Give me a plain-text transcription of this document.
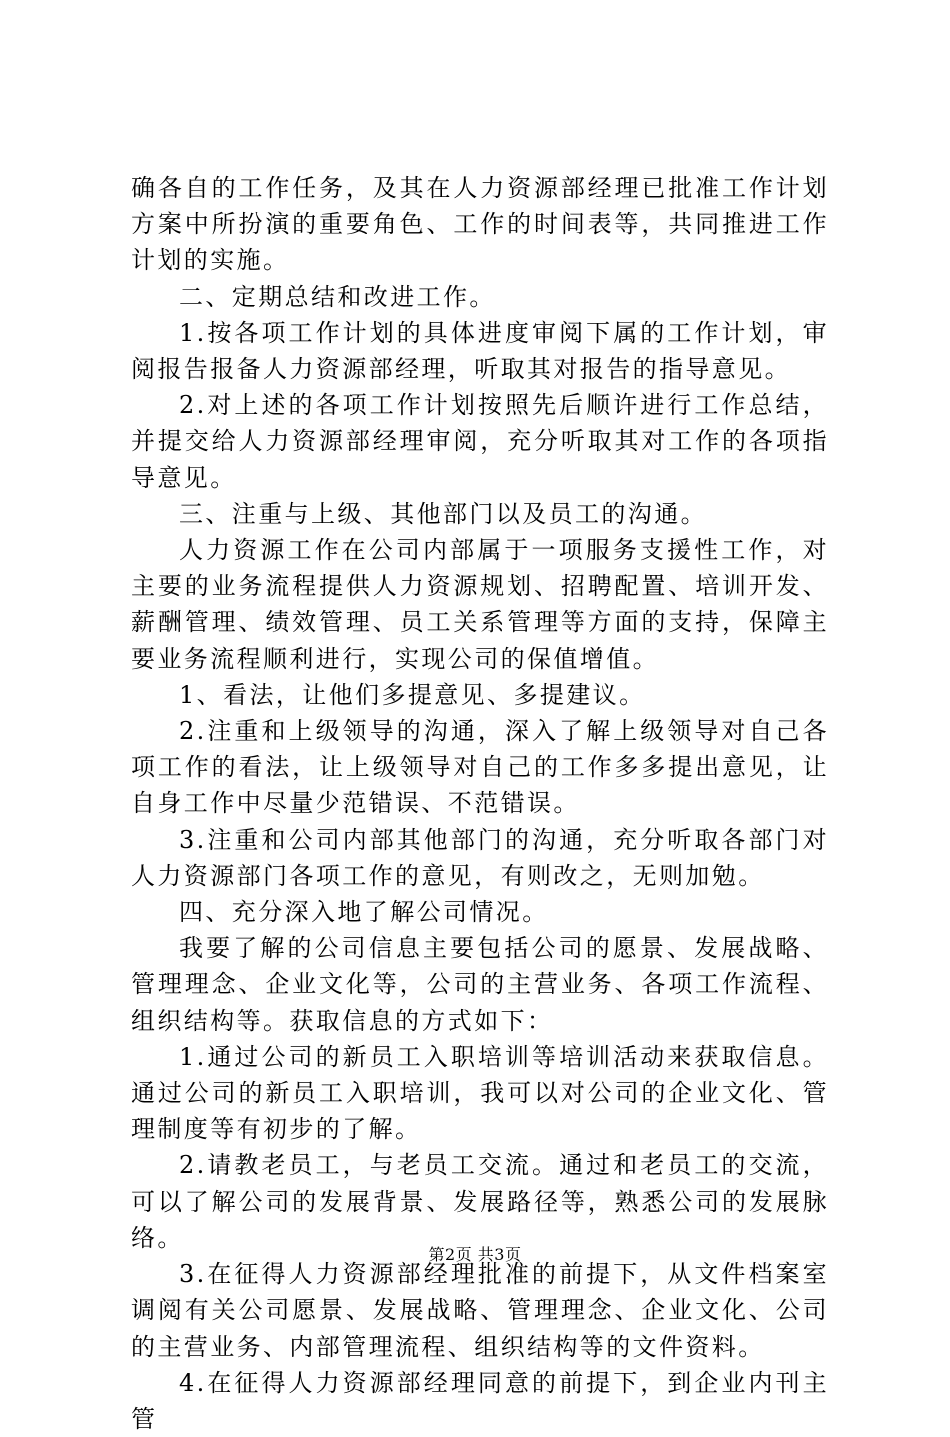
确各自的工作任务，及其在人力资源部经理已批准工作计划方案中所扮演的重要角色、工作的时间表等，共同推进工作计划的实施。

二、定期总结和改进工作。

1.按各项工作计划的具体进度审阅下属的工作计划，审阅报告报备人力资源部经理，听取其对报告的指导意见。

2.对上述的各项工作计划按照先后顺许进行工作总结，并提交给人力资源部经理审阅，充分听取其对工作的各项指导意见。

三、注重与上级、其他部门以及员工的沟通。

人力资源工作在公司内部属于一项服务支援性工作，对主要的业务流程提供人力资源规划、招聘配置、培训开发、薪酬管理、绩效管理、员工关系管理等方面的支持，保障主要业务流程顺利进行，实现公司的保值增值。

1、看法，让他们多提意见、多提建议。

2.注重和上级领导的沟通，深入了解上级领导对自己各项工作的看法，让上级领导对自己的工作多多提出意见，让自身工作中尽量少范错误、不范错误。

3.注重和公司内部其他部门的沟通，充分听取各部门对人力资源部门各项工作的意见，有则改之，无则加勉。

四、充分深入地了解公司情况。

我要了解的公司信息主要包括公司的愿景、发展战略、管理理念、企业文化等，公司的主营业务、各项工作流程、组织结构等。获取信息的方式如下：

1.通过公司的新员工入职培训等培训活动来获取信息。通过公司的新员工入职培训，我可以对公司的企业文化、管理制度等有初步的了解。

2.请教老员工，与老员工交流。通过和老员工的交流，可以了解公司的发展背景、发展路径等，熟悉公司的发展脉络。

3.在征得人力资源部经理批准的前提下，从文件档案室调阅有关公司愿景、发展战略、管理理念、企业文化、公司的主营业务、内部管理流程、组织结构等的文件资料。

4.在征得人力资源部经理同意的前提下，到企业内刊主管

第2页 共3页
